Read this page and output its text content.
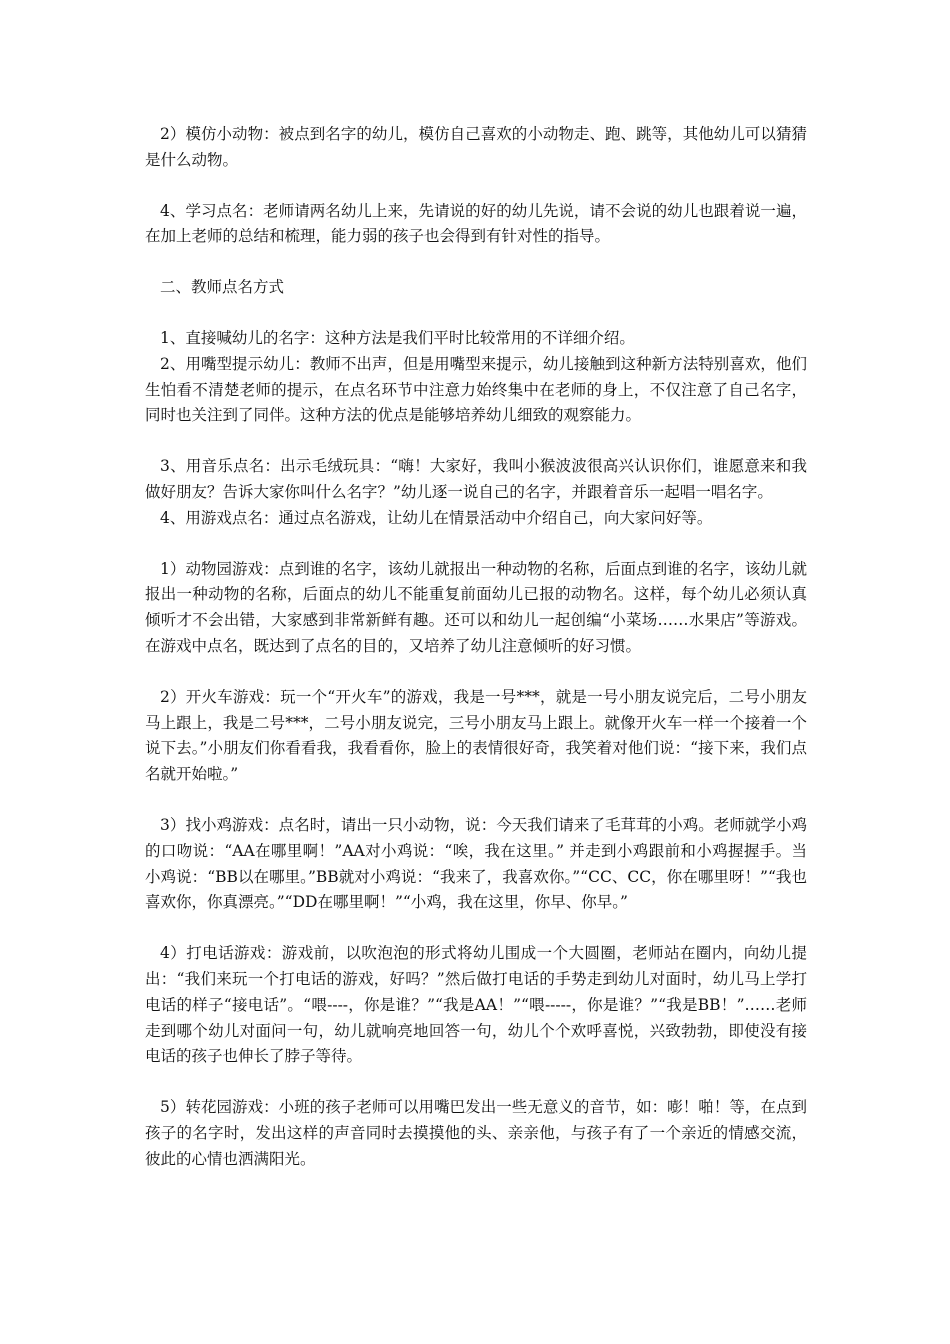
2）模仿小动物：被点到名字的幼儿，模仿自己喜欢的小动物走、跑、跳等，其他幼儿可以猜猜是什么动物。

4、学习点名：老师请两名幼儿上来，先请说的好的幼儿先说，请不会说的幼儿也跟着说一遍，在加上老师的总结和梳理，能力弱的孩子也会得到有针对性的指导。

二、教师点名方式

1、直接喊幼儿的名字：这种方法是我们平时比较常用的不详细介绍。

2、用嘴型提示幼儿：教师不出声，但是用嘴型来提示，幼儿接触到这种新方法特别喜欢，他们生怕看不清楚老师的提示，在点名环节中注意力始终集中在老师的身上，不仅注意了自己名字，同时也关注到了同伴。这种方法的优点是能够培养幼儿细致的观察能力。

3、用音乐点名：出示毛绒玩具：“嗨！大家好，我叫小猴波波很高兴认识你们，谁愿意来和我做好朋友？告诉大家你叫什么名字？”幼儿逐一说自己的名字，并跟着音乐一起唱一唱名字。

4、用游戏点名：通过点名游戏，让幼儿在情景活动中介绍自己，向大家问好等。

1）动物园游戏：点到谁的名字，该幼儿就报出一种动物的名称，后面点到谁的名字，该幼儿就报出一种动物的名称，后面点的幼儿不能重复前面幼儿已报的动物名。这样，每个幼儿必须认真倾听才不会出错，大家感到非常新鲜有趣。还可以和幼儿一起创编“小菜场……水果店”等游戏。在游戏中点名，既达到了点名的目的，又培养了幼儿注意倾听的好习惯。

2）开火车游戏：玩一个“开火车”的游戏，我是一号***，就是一号小朋友说完后，二号小朋友马上跟上，我是二号***，二号小朋友说完，三号小朋友马上跟上。就像开火车一样一个接着一个说下去。”小朋友们你看看我，我看看你，脸上的表情很好奇，我笑着对他们说：“接下来，我们点名就开始啦。”

3）找小鸡游戏：点名时，请出一只小动物，说：今天我们请来了毛茸茸的小鸡。老师就学小鸡的口吻说：“AA在哪里啊！”AA对小鸡说：“唉，我在这里。” 并走到小鸡跟前和小鸡握握手。当小鸡说：“BB以在哪里。”BB就对小鸡说：“我来了，我喜欢你。”“CC、CC，你在哪里呀！”“我也喜欢你，你真漂亮。”“DD在哪里啊！”“小鸡，我在这里，你早、你早。”

4）打电话游戏：游戏前，以吹泡泡的形式将幼儿围成一个大圆圈，老师站在圈内，向幼儿提出：“我们来玩一个打电话的游戏，好吗？”然后做打电话的手势走到幼儿对面时，幼儿马上学打电话的样子“接电话”。“喂----，你是谁？”“我是AA！”“喂-----，你是谁？”“我是BB！”……老师走到哪个幼儿对面问一句，幼儿就响亮地回答一句，幼儿个个欢呼喜悦，兴致勃勃，即使没有接电话的孩子也伸长了脖子等待。

5）转花园游戏：小班的孩子老师可以用嘴巴发出一些无意义的音节，如：嘭！啪！等，在点到孩子的名字时，发出这样的声音同时去摸摸他的头、亲亲他，与孩子有了一个亲近的情感交流，彼此的心情也洒满阳光。
